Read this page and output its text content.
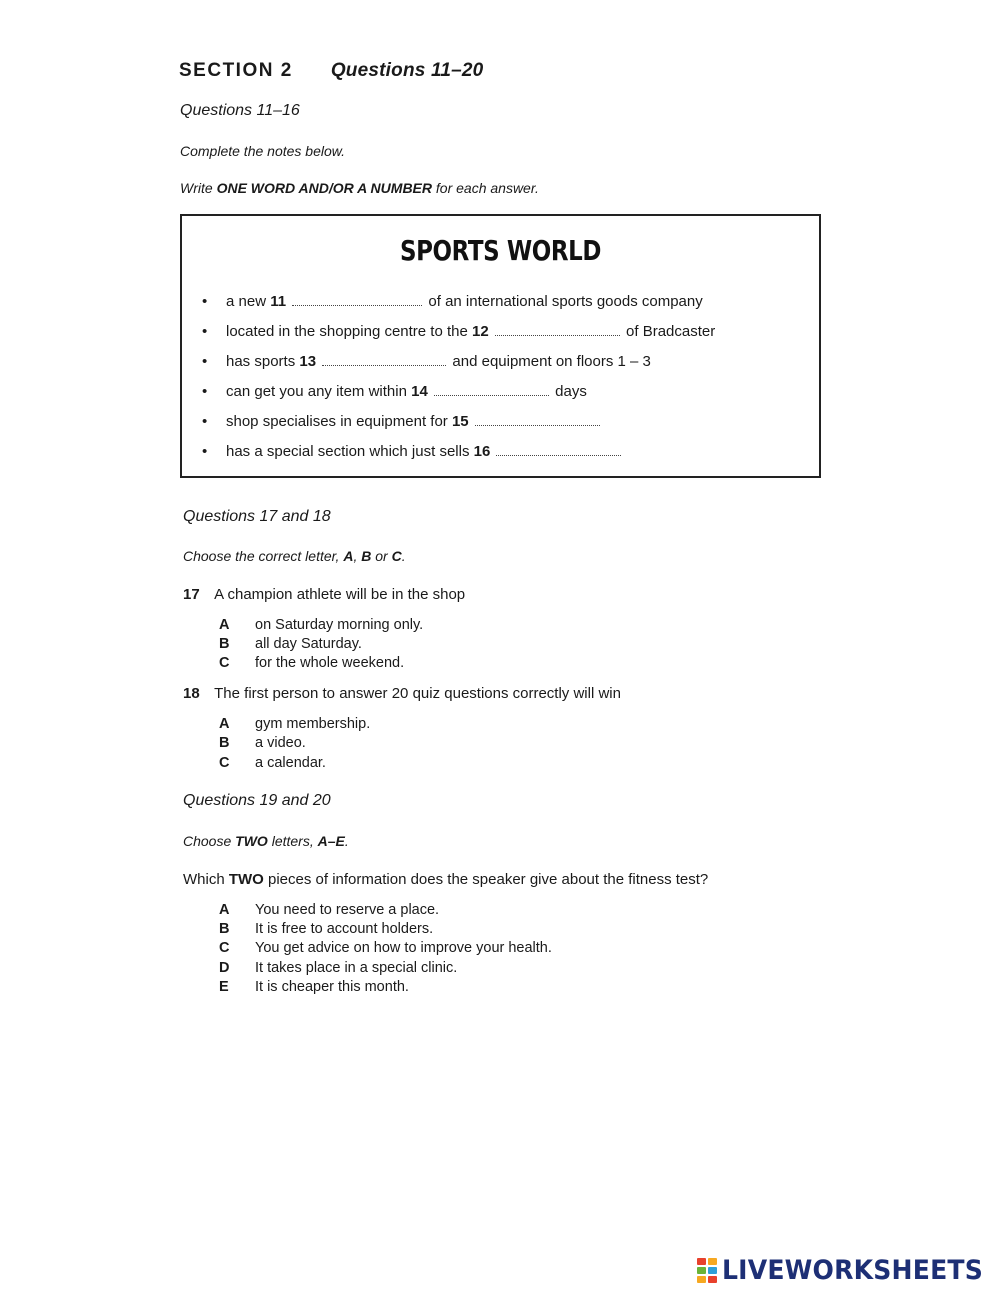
SECTION 2 Questions 11–20
Questions 11–16
Complete the notes below.
Write ONE WORD AND/OR A NUMBER for each answer.
SPORTS WORLD
• a new 11	of an international sports goods company
• located in the shopping centre to the 12	of Bradcaster
• has sports 13	and equipment on floors 1 – 3
• can get you any item within 14	days
• shop specialises in equipment for 15
• has a special section which just sells 16
Questions 17 and 18
Choose the correct letter, A, B or C.
17 A champion athlete will be in the shop
A on Saturday morning only.
B all day Saturday.
C for the whole weekend.
18 The first person to answer 20 quiz questions correctly will win
A gym membership.
B a video.
C a calendar.
Questions 19 and 20
Choose TWO letters, A–E.
Which TWO pieces of information does the speaker give about the fitness test?
A You need to reserve a place.
B It is free to account holders.
C You get advice on how to improve your health.
D It takes place in a special clinic.
E It is cheaper this month.
LIVEWORKSHEETS
